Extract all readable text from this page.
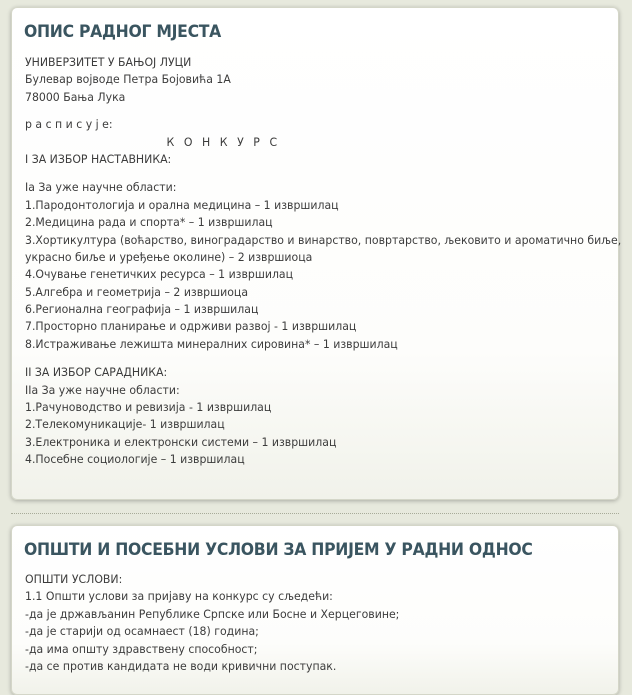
ОПИС РАДНОГ МЈЕСТА
УНИВЕРЗИТЕТ У БАЊОЈ ЛУЦИ
Булевар војводе Петра Бојовића 1А
78000 Бања Лука
р а с п и с у ј е:
К О Н К У Р С
I ЗА ИЗБОР НАСТАВНИКА:
Iа За уже научне области:
1.Пародонтологија и орална медицина – 1 извршилац
2.Медицина рада и спорта* – 1 извршилац
3.Хортикултура (воћарство, виноградарство и винарство, повртарство, љековито и ароматично биље,
украсно биље и уређење околине) – 2 извршиоца
4.Очување генетичких ресурса – 1 извршилац
5.Алгебра и геометрија – 2 извршиоца
6.Регионална географија – 1 извршилац
7.Просторно планирање и одрживи развој - 1 извршилац
8.Истраживање лежишта минералних сировина* – 1 извршилац
II ЗА ИЗБОР САРАДНИКА:
IIа За уже научне области:
1.Рачуноводство и ревизија - 1 извршилац
2.Телекомуникације- 1 извршилац
3.Електроника и електронски системи – 1 извршилац
4.Посебне социологије – 1 извршилац
ОПШТИ И ПОСЕБНИ УСЛОВИ ЗА ПРИЈЕМ У РАДНИ ОДНОС
ОПШТИ УСЛОВИ:
1.1 Општи услови за пријаву на конкурс су сљедећи:
-да је држављанин Републике Српске или Босне и Херцеговине;
-да је старији од осамнаест (18) година;
-да има општу здравствену способност;
-да се против кандидата не води кривични поступак.
